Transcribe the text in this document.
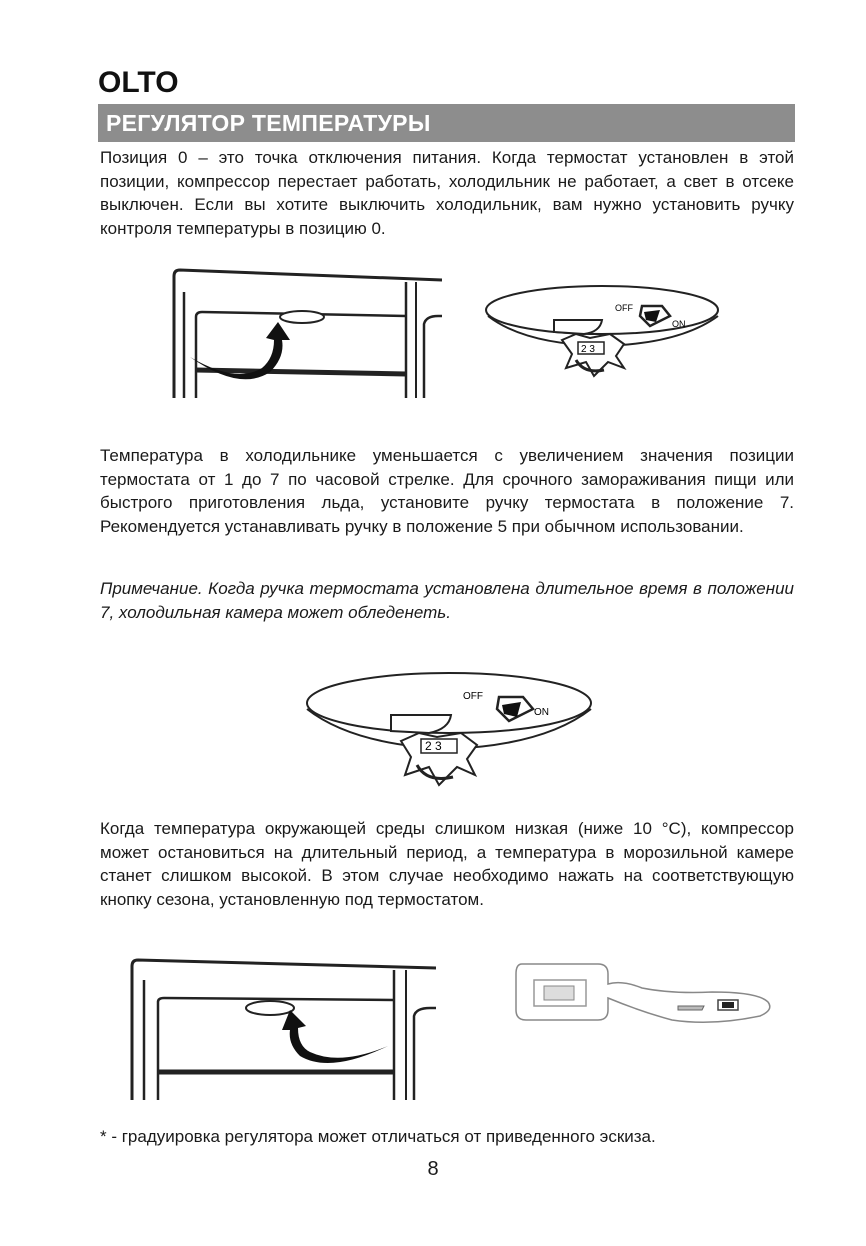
OLTO
РЕГУЛЯТОР ТЕМПЕРАТУРЫ
Позиция 0 – это точка отключения питания. Когда термостат установлен в этой позиции, компрессор перестает работать, холодильник не работает, а свет в отсеке выключен. Если вы хотите выключить холодильник, вам нужно установить ручку контроля температуры в позицию 0.
OFF
ON
2 3
Температура в холодильнике уменьшается с увеличением значения позиции термостата от 1 до 7 по часовой стрелке. Для срочного замораживания пищи или быстрого приготовления льда, установите ручку термостата в положение 7. Рекомендуется устанавливать ручку в положение 5 при обычном использовании.
Примечание. Когда ручка термостата установлена длительное время в положении 7, холодильная камера может обледенеть.
OFF
ON
2 3
Когда температура окружающей среды слишком низкая (ниже 10 °C), компрессор может остановиться на длительный период, а температура в морозильной камере станет слишком высокой. В этом случае необходимо нажать на соответствующую кнопку сезона, установленную под термостатом.
* - градуировка регулятора может отличаться от приведенного эскиза.
8
